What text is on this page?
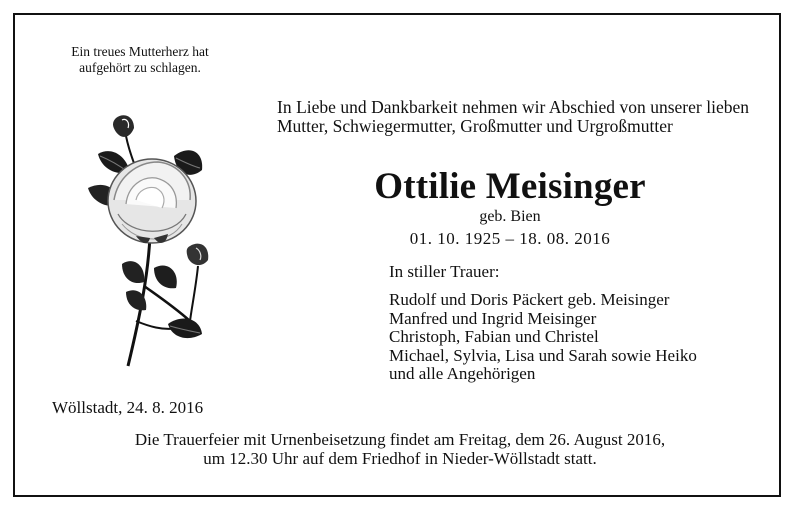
Ein treues Mutterherz hat
aufgehört zu schlagen.
In Liebe und Dankbarkeit nehmen wir Abschied von unserer lieben Mutter, Schwiegermutter, Großmutter und Urgroßmutter
Ottilie Meisinger
geb. Bien
01. 10. 1925 – 18. 08. 2016
In stiller Trauer:
Rudolf und Doris Päckert geb. Meisinger
Manfred und Ingrid Meisinger
Christoph, Fabian und Christel
Michael, Sylvia, Lisa und Sarah sowie Heiko
und alle Angehörigen
Wöllstadt, 24. 8. 2016
Die Trauerfeier mit Urnenbeisetzung findet am Freitag, dem 26. August 2016,
um 12.30 Uhr auf dem Friedhof in Nieder-Wöllstadt statt.
